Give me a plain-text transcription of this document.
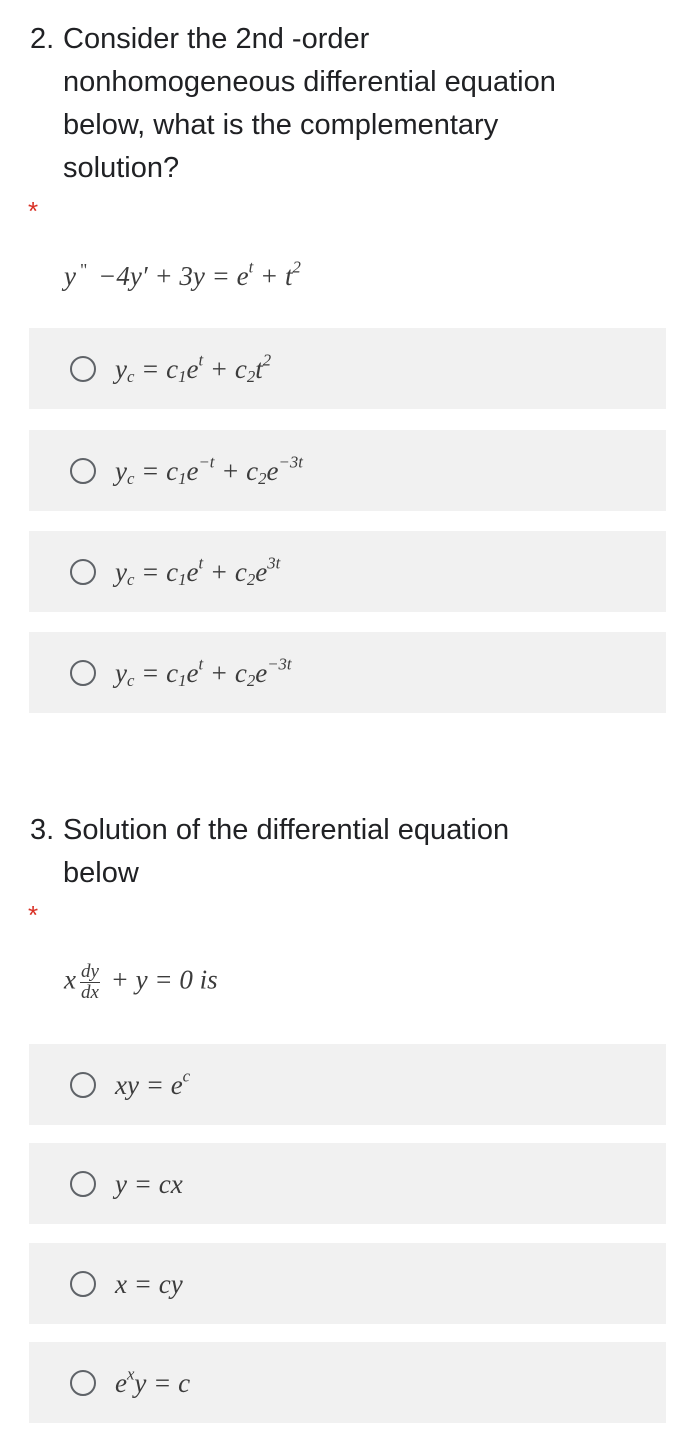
2. Consider the 2nd -order
nonhomogeneous differential equation
below, what is the complementary
solution?
*
y $^" -4y' + 3y = e^t + t^2$
$y_c = c_1e^t + c_2t^2$
$y_c = c_1e^{-t} + c_2e^{-3t}$
$y_c = c_1e^t + c_2e^{3t}$
$y_c = c_1e^t + c_2e^{-3t}$
3. Solution of the differential equation
below
*
x $\frac{dy}{dx} + y = 0$ is
xy = $e^c$
y = cx
x = cy
$e^xy = c$
